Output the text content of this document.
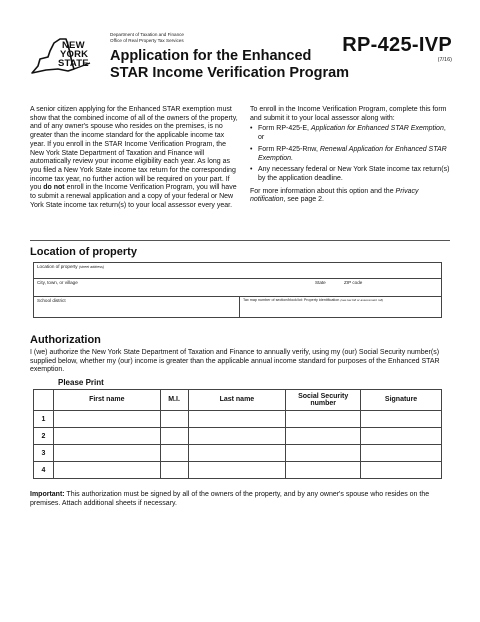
NEW
YORK
STATE
Department of Taxation and Finance
Office of Real Property Tax Services
Application for the Enhanced
STAR Income Verification Program
RP-425-IVP
(7/16)
A senior citizen applying for the Enhanced STAR exemption must show that the combined income of all of the owners of the property, and of any owner's spouse who resides on the premises, is no greater than the income standard for the applicable income tax year. If you enroll in the STAR Income Verification Program, the New York State Department of Taxation and Finance will automatically review your income eligibility each year. As long as you filed a New York State income tax return for the corresponding income tax year, no further action will be required on your part. If you do not enroll in the Income Verification Program, you will have to submit a renewal application and a copy of your federal or New York State income tax return(s) to your local assessor every year.
To enroll in the Income Verification Program, complete this form and submit it to your local assessor along with:
• Form RP-425-E, Application for Enhanced STAR Exemption, or
• Form RP-425-Rnw, Renewal Application for Enhanced STAR Exemption.
• Any necessary federal or New York State income tax return(s) by the application deadline.
For more information about this option and the Privacy notification, see page 2.
Location of property
Location of property (street address)
City, town, or village	State	ZIP code
School district	Tax map number of section/block/lot: Property identification (see tax bill or assessment roll)
Authorization
I (we) authorize the New York State Department of Taxation and Finance to annually verify, using my (our) Social Security number(s) supplied below, whether my (our) income is greater than the applicable annual income standard for purposes of the Enhanced STAR exemption.
Please Print
	First name	M.I.	Last name	Social Security number	Signature
1					
2					
3					
4					
Important: This authorization must be signed by all of the owners of the property, and by any owner's spouse who resides on the premises. Attach additional sheets if necessary.
